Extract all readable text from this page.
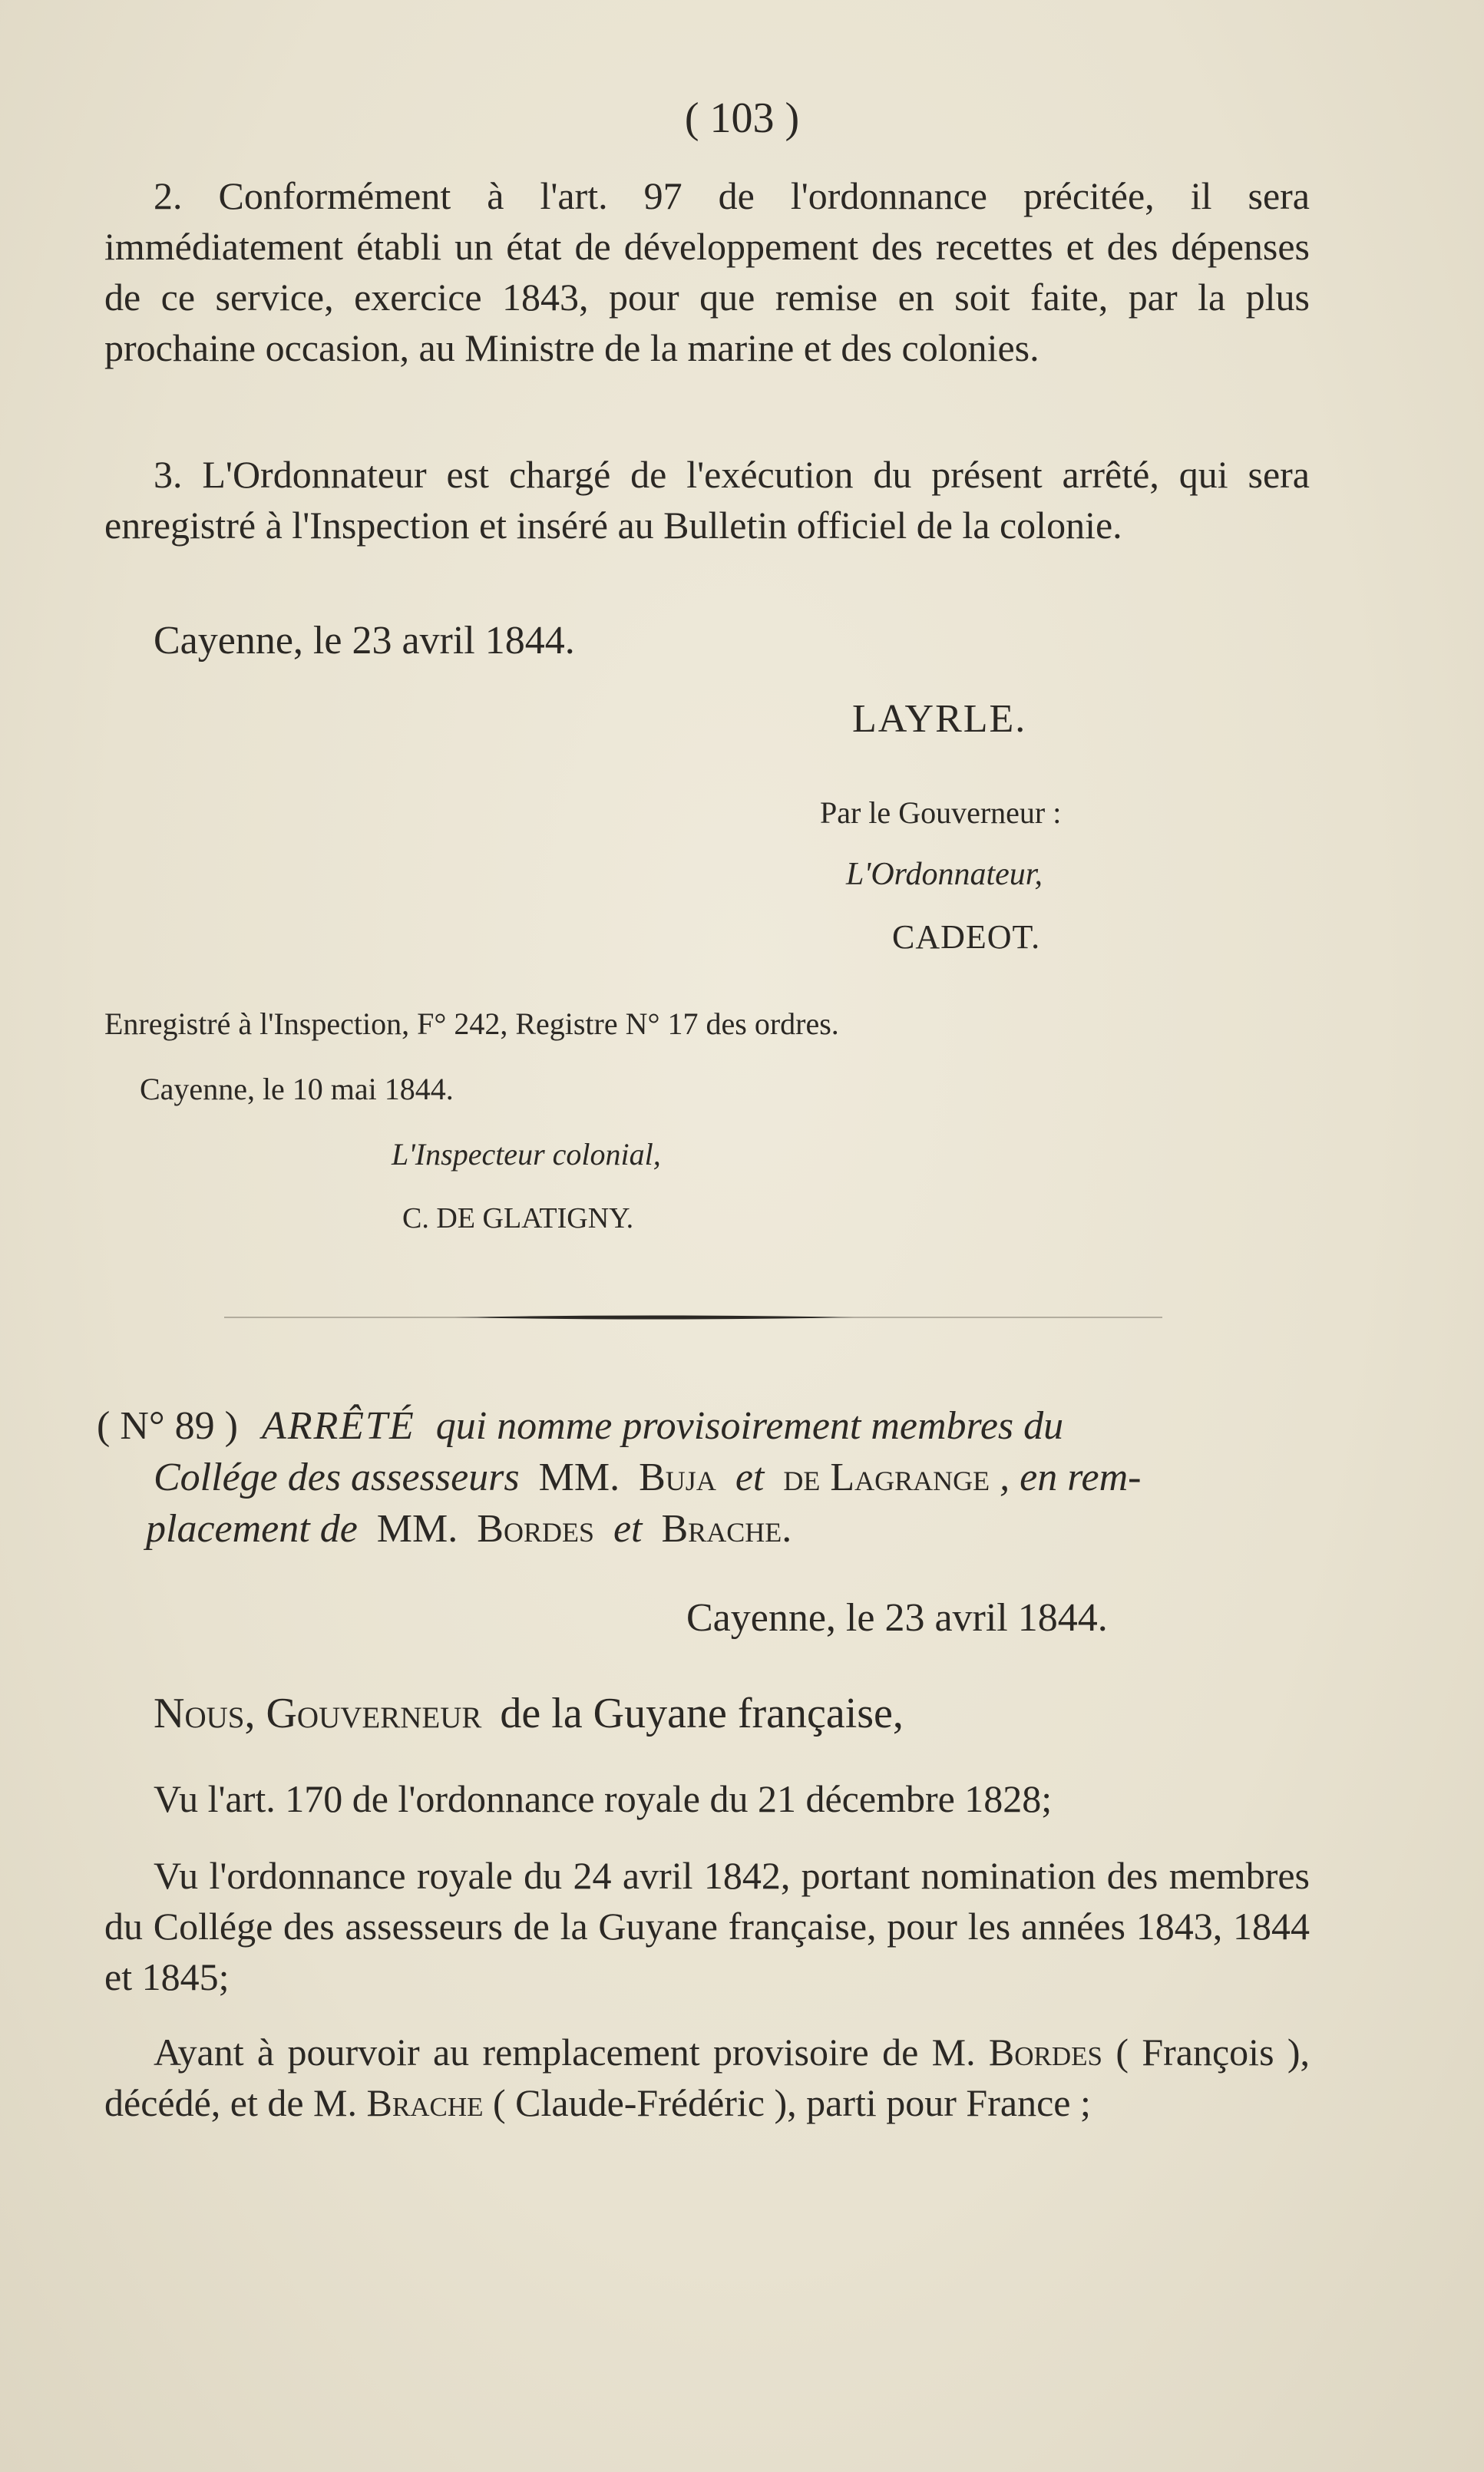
( 103 )

2. Conformément à l'art. 97 de l'ordonnance précitée, il sera immédiatement établi un état de développement des recettes et des dépenses de ce service, exercice 1843, pour que remise en soit faite, par la plus prochaine occasion, au Ministre de la marine et des colonies.

3. L'Ordonnateur est chargé de l'exécution du présent arrêté, qui sera enregistré à l'Inspection et inséré au Bulletin officiel de la colonie.

Cayenne, le 23 avril 1844.
LAYRLE.
Par le Gouverneur :
L'Ordonnateur,
CADEOT.
Enregistré à l'Inspection, F° 242, Registre N° 17 des ordres.
Cayenne, le 10 mai 1844.
L'Inspecteur colonial,
C. DE GLATIGNY.
( N° 89 ) ARRÊTÉ qui nomme provisoirement membres du
Collége des assesseurs MM. Buja et de Lagrange , en rem-
placement de MM. Bordes et Brache.
Cayenne, le 23 avril 1844.
Nous, Gouverneur de la Guyane française,

Vu l'art. 170 de l'ordonnance royale du 21 décembre 1828;

Vu l'ordonnance royale du 24 avril 1842, portant nomination des membres du Collége des assesseurs de la Guyane française, pour les années 1843, 1844 et 1845;

Ayant à pourvoir au remplacement provisoire de M. Bordes ( François ), décédé, et de M. Brache ( Claude-Frédéric ), parti pour France ;
